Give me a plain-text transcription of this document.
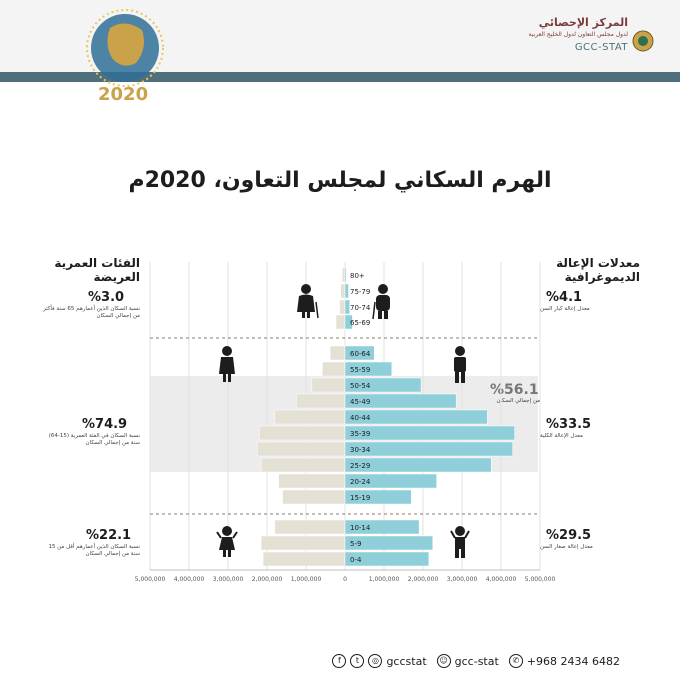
2020
المركز الإحصائي
لدول مجلس التعاون لدول الخليج العربية
GCC-STAT
الهرم السكاني لمجلس التعاون، 2020م
الفئات العمرية العريضة
معدلات الإعالة الديموغرافية
%3.0
نسبة السكان الذين أعمارهم 65 سنة فأكثر من إجمالي السكان
%74.9
نسبة السكان في الفئة العمرية (15-64) سنة من إجمالي السكان
%22.1
نسبة السكان الذين أعمارهم أقل من 15 سنة من إجمالي السكان
%4.1
معدل إعالة كبار السن
%33.5
معدل الإعالة الكلية
%29.5
معدل إعالة صغار السن
%56.1
من إجمالي السكان
80+
75-79
70-74
65-69
60-64
55-59
50-54
45-49
40-44
35-39
30-34
25-29
20-24
15-19
10-14
5-9
0-4
5,000,000 4,000,000 3,000,000 2,000,000 1,000,000	0	1,000,000 2,000,000 3,000,000 4,000,000 5,000,000
f	t	◎ gccstat	☺ gcc-stat	✆ +968 2434 6482
